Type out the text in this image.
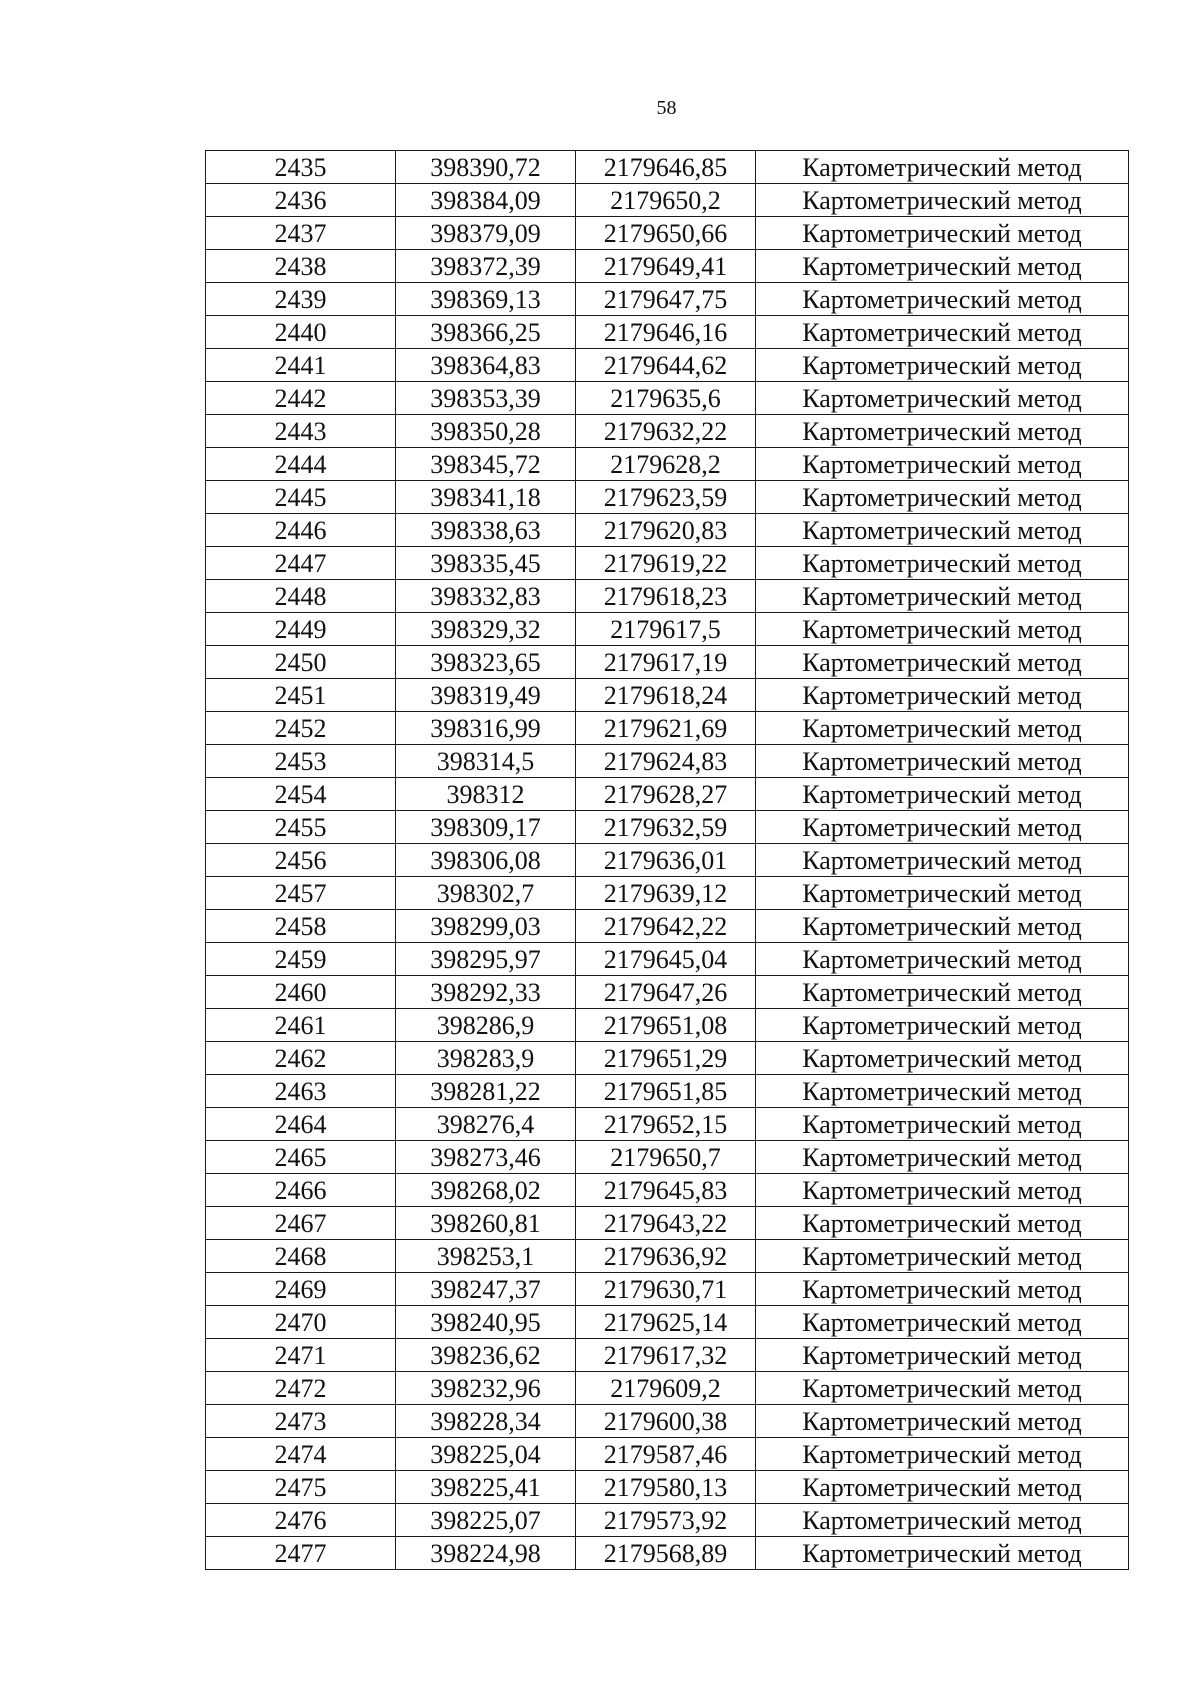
58
2435	398390,72	2179646,85	Картометрический метод
2436	398384,09	2179650,2	Картометрический метод
2437	398379,09	2179650,66	Картометрический метод
2438	398372,39	2179649,41	Картометрический метод
2439	398369,13	2179647,75	Картометрический метод
2440	398366,25	2179646,16	Картометрический метод
2441	398364,83	2179644,62	Картометрический метод
2442	398353,39	2179635,6	Картометрический метод
2443	398350,28	2179632,22	Картометрический метод
2444	398345,72	2179628,2	Картометрический метод
2445	398341,18	2179623,59	Картометрический метод
2446	398338,63	2179620,83	Картометрический метод
2447	398335,45	2179619,22	Картометрический метод
2448	398332,83	2179618,23	Картометрический метод
2449	398329,32	2179617,5	Картометрический метод
2450	398323,65	2179617,19	Картометрический метод
2451	398319,49	2179618,24	Картометрический метод
2452	398316,99	2179621,69	Картометрический метод
2453	398314,5	2179624,83	Картометрический метод
2454	398312	2179628,27	Картометрический метод
2455	398309,17	2179632,59	Картометрический метод
2456	398306,08	2179636,01	Картометрический метод
2457	398302,7	2179639,12	Картометрический метод
2458	398299,03	2179642,22	Картометрический метод
2459	398295,97	2179645,04	Картометрический метод
2460	398292,33	2179647,26	Картометрический метод
2461	398286,9	2179651,08	Картометрический метод
2462	398283,9	2179651,29	Картометрический метод
2463	398281,22	2179651,85	Картометрический метод
2464	398276,4	2179652,15	Картометрический метод
2465	398273,46	2179650,7	Картометрический метод
2466	398268,02	2179645,83	Картометрический метод
2467	398260,81	2179643,22	Картометрический метод
2468	398253,1	2179636,92	Картометрический метод
2469	398247,37	2179630,71	Картометрический метод
2470	398240,95	2179625,14	Картометрический метод
2471	398236,62	2179617,32	Картометрический метод
2472	398232,96	2179609,2	Картометрический метод
2473	398228,34	2179600,38	Картометрический метод
2474	398225,04	2179587,46	Картометрический метод
2475	398225,41	2179580,13	Картометрический метод
2476	398225,07	2179573,92	Картометрический метод
2477	398224,98	2179568,89	Картометрический метод
